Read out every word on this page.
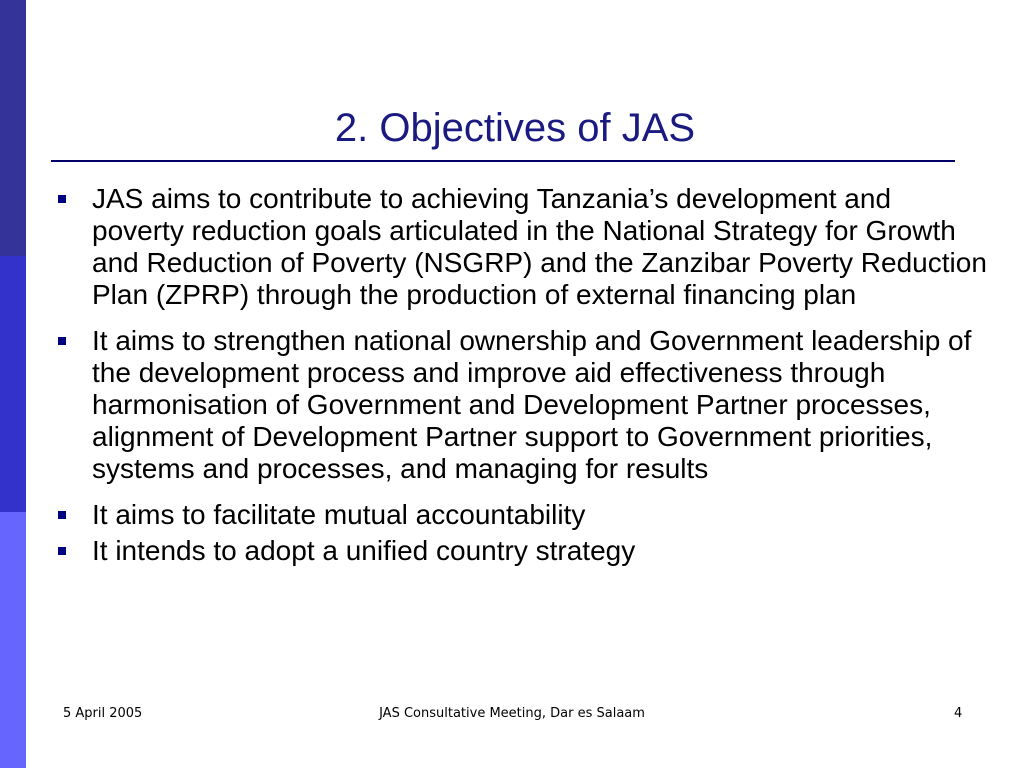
2. Objectives of JAS
JAS aims to contribute to achieving Tanzania’s development and poverty reduction goals articulated in the National Strategy for Growth and Reduction of Poverty (NSGRP) and the Zanzibar Poverty Reduction Plan (ZPRP) through the production of external financing plan
It aims to strengthen national ownership and Government leadership of the development process and improve aid effectiveness through harmonisation of Government and Development Partner processes, alignment of Development Partner support to Government priorities, systems and processes, and managing for results
It aims to facilitate mutual accountability
It intends to adopt a unified country strategy
5 April 2005	JAS Consultative Meeting, Dar es Salaam	4
